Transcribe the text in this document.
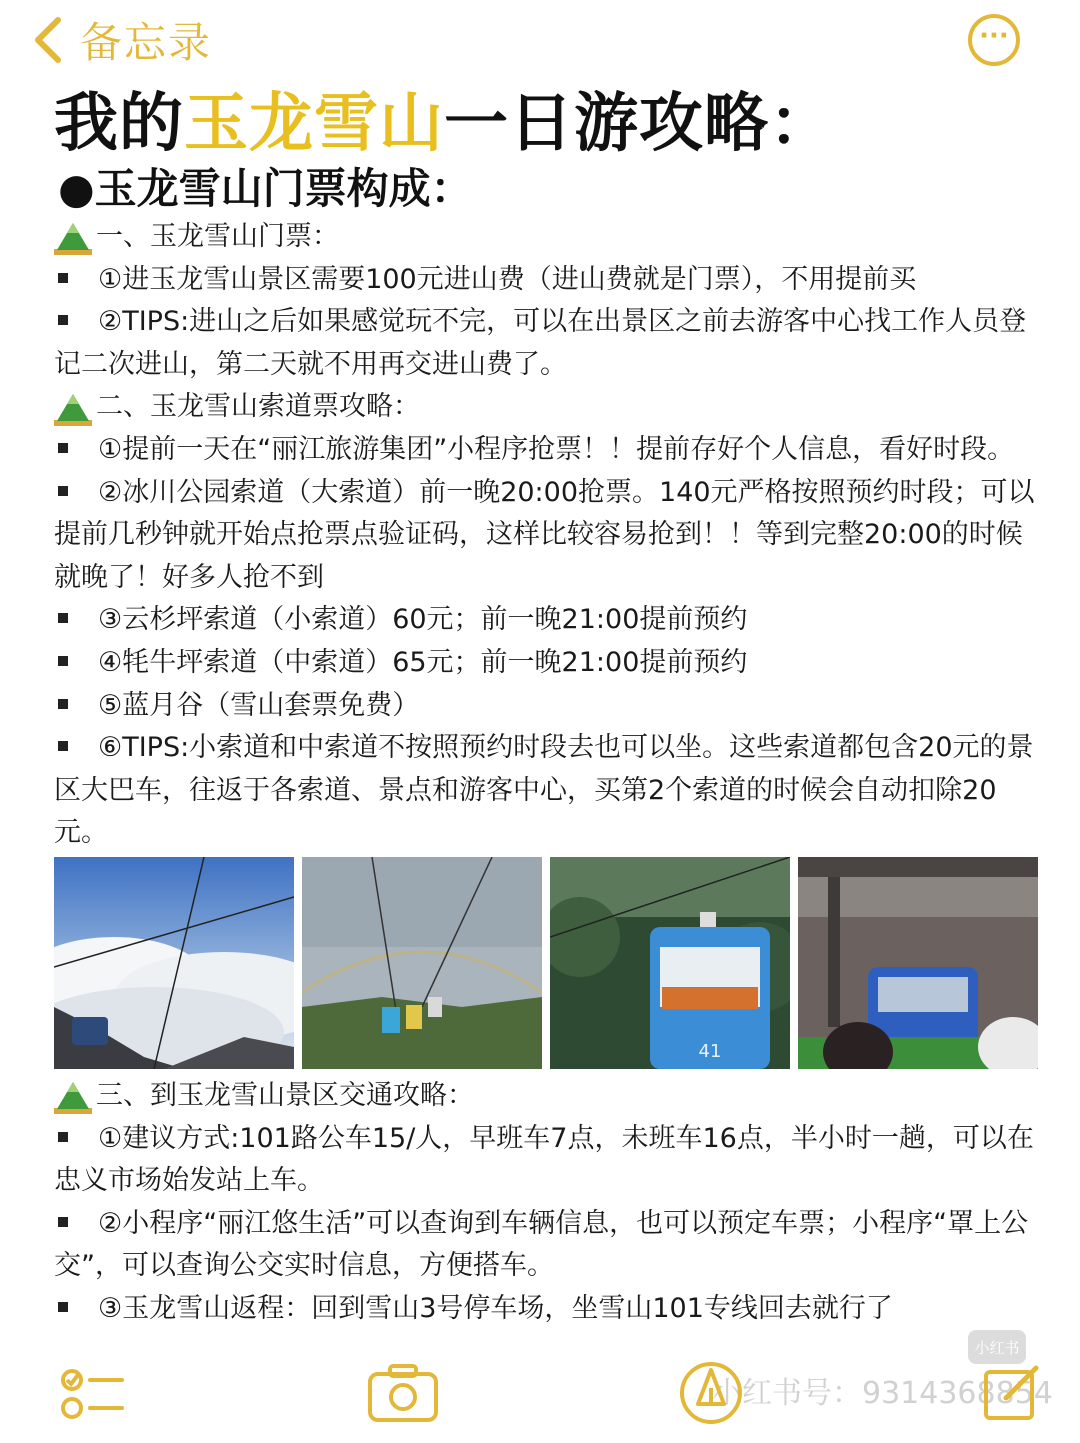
备忘录	···
我的玉龙雪山一日游攻略：
●玉龙雪山门票构成：
一、玉龙雪山门票：

①进玉龙雪山景区需要100元进山费（进山费就是门票），不用提前买

②TIPS:进山之后如果感觉玩不完，可以在出景区之前去游客中心找工作人员登记二次进山，第二天就不用再交进山费了。

二、玉龙雪山索道票攻略：

①提前一天在“丽江旅游集团”小程序抢票！！提前存好个人信息，看好时段。

②冰川公园索道（大索道）前一晚20:00抢票。140元严格按照预约时段；可以提前几秒钟就开始点抢票点验证码，这样比较容易抢到！！等到完整20:00的时候就晚了！好多人抢不到

③云杉坪索道（小索道）60元；前一晚21:00提前预约

④牦牛坪索道（中索道）65元；前一晚21:00提前预约

⑤蓝月谷（雪山套票免费）

⑥TIPS:小索道和中索道不按照预约时段去也可以坐。这些索道都包含20元的景区大巴车，往返于各索道、景点和游客中心，买第2个索道的时候会自动扣除20元。

41
三、到玉龙雪山景区交通攻略：

①建议方式:101路公车15/人，早班车7点，未班车16点，半小时一趟，可以在忠义市场始发站上车。

②小程序“丽江悠生活”可以查询到车辆信息，也可以预定车票；小程序“罩上公交”，可以查询公交实时信息，方便搭车。

③玉龙雪山返程：回到雪山3号停车场，坐雪山101专线回去就行了

小红书
小红书号：9314368854
